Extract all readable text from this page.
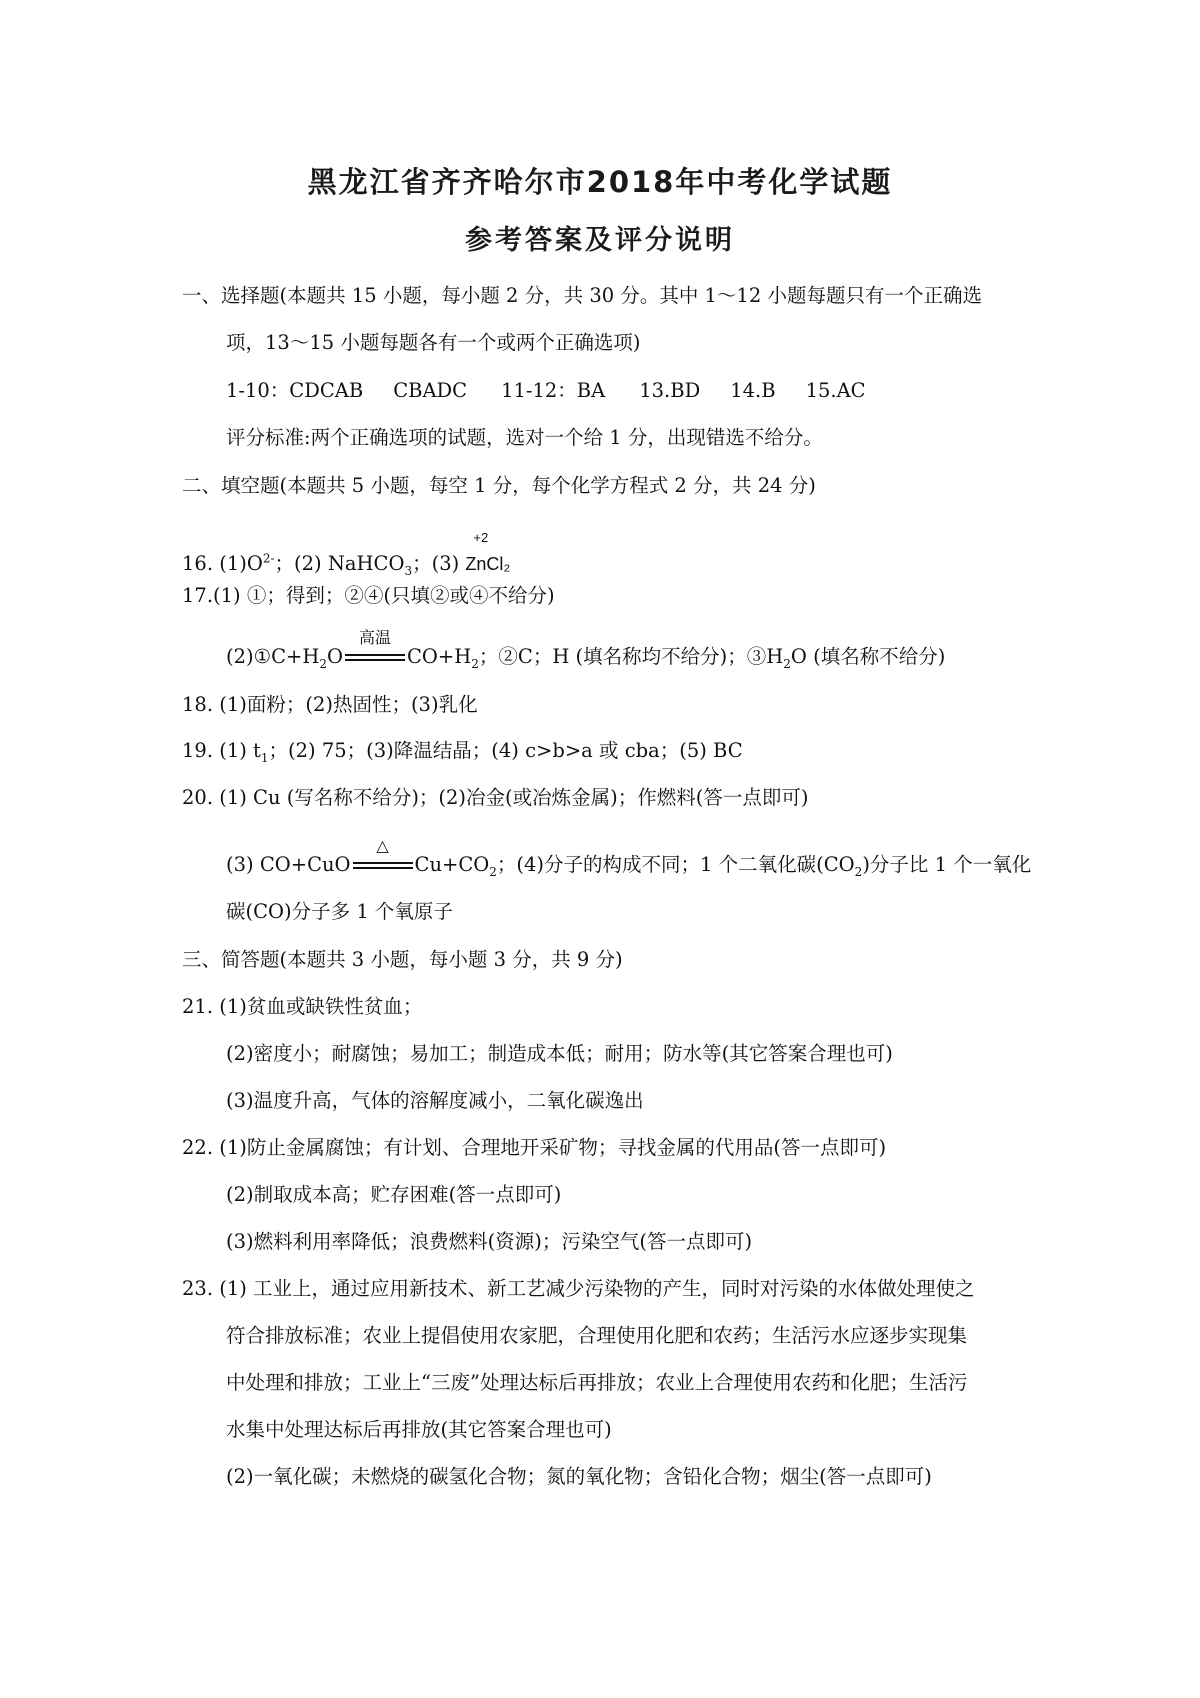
黑龙江省齐齐哈尔市2018年中考化学试题
参考答案及评分说明
一、选择题(本题共 15 小题，每小题 2 分，共 30 分。其中 1～12 小题每题只有一个正确选
项，13～15 小题每题各有一个或两个正确选项)
1-10：CDCAB CBADC 11-12：BA 13.BD 14.B 15.AC
评分标准:两个正确选项的试题，选对一个给 1 分，出现错选不给分。
二、填空题(本题共 5 小题，每空 1 分，每个化学方程式 2 分，共 24 分)
16. $(1)O^{2-}$；(2) NaHCO$_3$；(3)
+2
ZnCl₂
17.(1) ①；得到；②④(只填②或④不给分)
$(2)①C+H_2O$
高温
$CO+H_2$；②C；H (填名称均不给分)；$③H_2O$ (填名称不给分)
18. (1)面粉；(2)热固性；(3)乳化
19. (1) $t_1$；(2) 75；(3)降温结晶；(4) c>b>a 或 cba；(5) BC
20. (1) Cu (写名称不给分)；(2)冶金(或冶炼金属)；作燃料(答一点即可)
(3) CO+CuO
△
$Cu+CO_2$；(4)分子的构成不同；1 个二氧化碳$(CO_2)$分子比 1 个一氧化
碳(CO)分子多 1 个氧原子
三、简答题(本题共 3 小题，每小题 3 分，共 9 分)
21. (1)贫血或缺铁性贫血；
(2)密度小；耐腐蚀；易加工；制造成本低；耐用；防水等(其它答案合理也可)
(3)温度升高，气体的溶解度减小，二氧化碳逸出
22. (1)防止金属腐蚀；有计划、合理地开采矿物；寻找金属的代用品(答一点即可)
(2)制取成本高；贮存困难(答一点即可)
(3)燃料利用率降低；浪费燃料(资源)；污染空气(答一点即可)
23. (1) 工业上，通过应用新技术、新工艺减少污染物的产生，同时对污染的水体做处理使之
符合排放标准；农业上提倡使用农家肥，合理使用化肥和农药；生活污水应逐步实现集
中处理和排放；工业上“三废”处理达标后再排放；农业上合理使用农药和化肥；生活污
水集中处理达标后再排放(其它答案合理也可)
(2)一氧化碳；未燃烧的碳氢化合物；氮的氧化物；含铅化合物；烟尘(答一点即可)
